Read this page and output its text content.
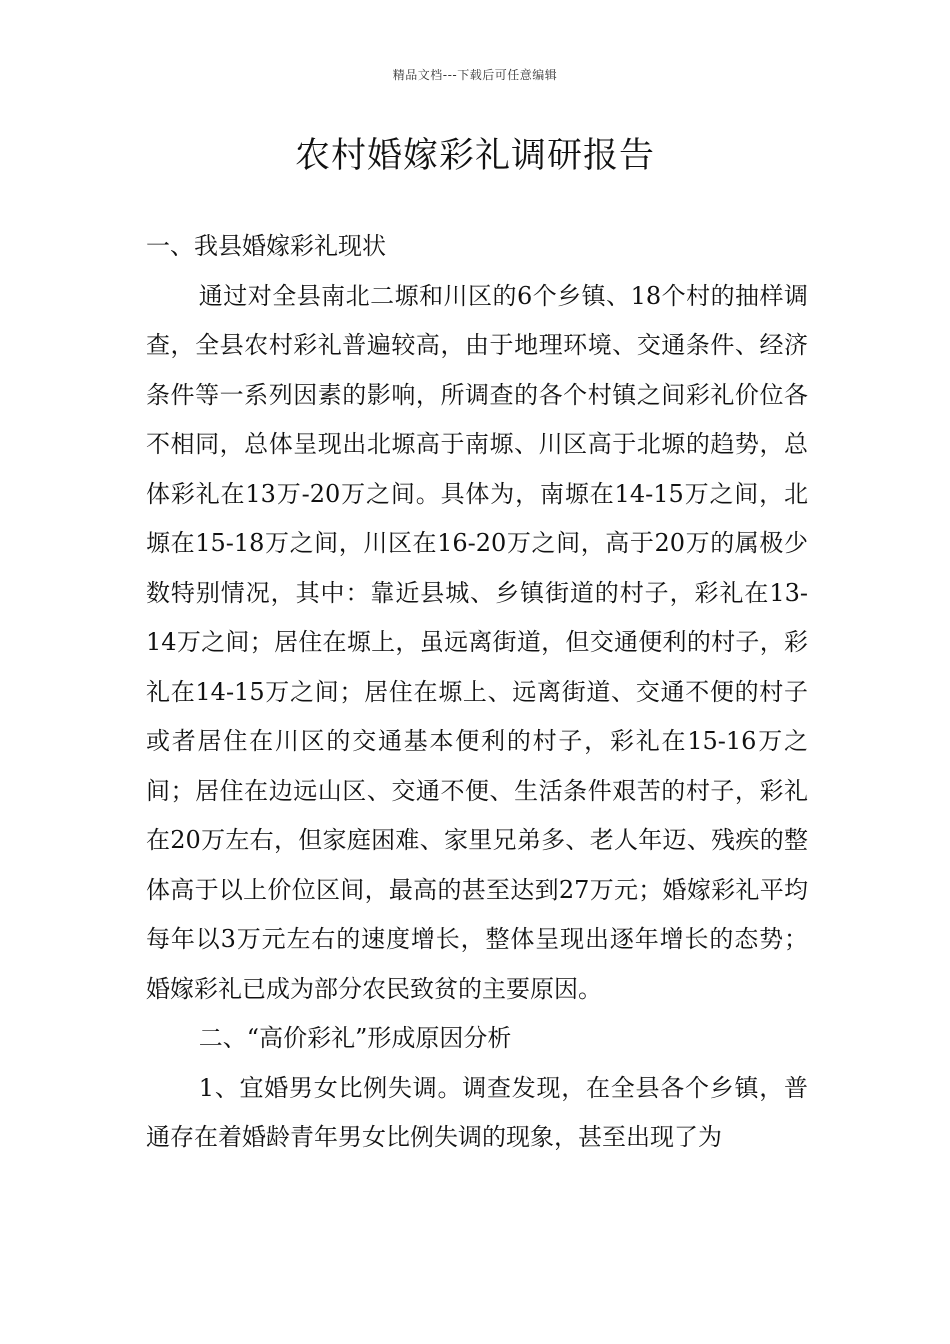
精品文档---下载后可任意编辑
农村婚嫁彩礼调研报告

一、我县婚嫁彩礼现状

通过对全县南北二塬和川区的6个乡镇、18个村的抽样调查，全县农村彩礼普遍较高，由于地理环境、交通条件、经济条件等一系列因素的影响，所调查的各个村镇之间彩礼价位各不相同，总体呈现出北塬高于南塬、川区高于北塬的趋势，总体彩礼在13万-20万之间。具体为，南塬在14-15万之间，北塬在15-18万之间，川区在16-20万之间，高于20万的属极少数特别情况，其中：靠近县城、乡镇街道的村子，彩礼在13-14万之间；居住在塬上，虽远离街道，但交通便利的村子，彩礼在14-15万之间；居住在塬上、远离街道、交通不便的村子或者居住在川区的交通基本便利的村子，彩礼在15-16万之间；居住在边远山区、交通不便、生活条件艰苦的村子，彩礼在20万左右，但家庭困难、家里兄弟多、老人年迈、残疾的整体高于以上价位区间，最高的甚至达到27万元；婚嫁彩礼平均每年以3万元左右的速度增长，整体呈现出逐年增长的态势；婚嫁彩礼已成为部分农民致贫的主要原因。

二、“高价彩礼”形成原因分析

1、宜婚男女比例失调。调查发现，在全县各个乡镇，普通存在着婚龄青年男女比例失调的现象，甚至出现了为
